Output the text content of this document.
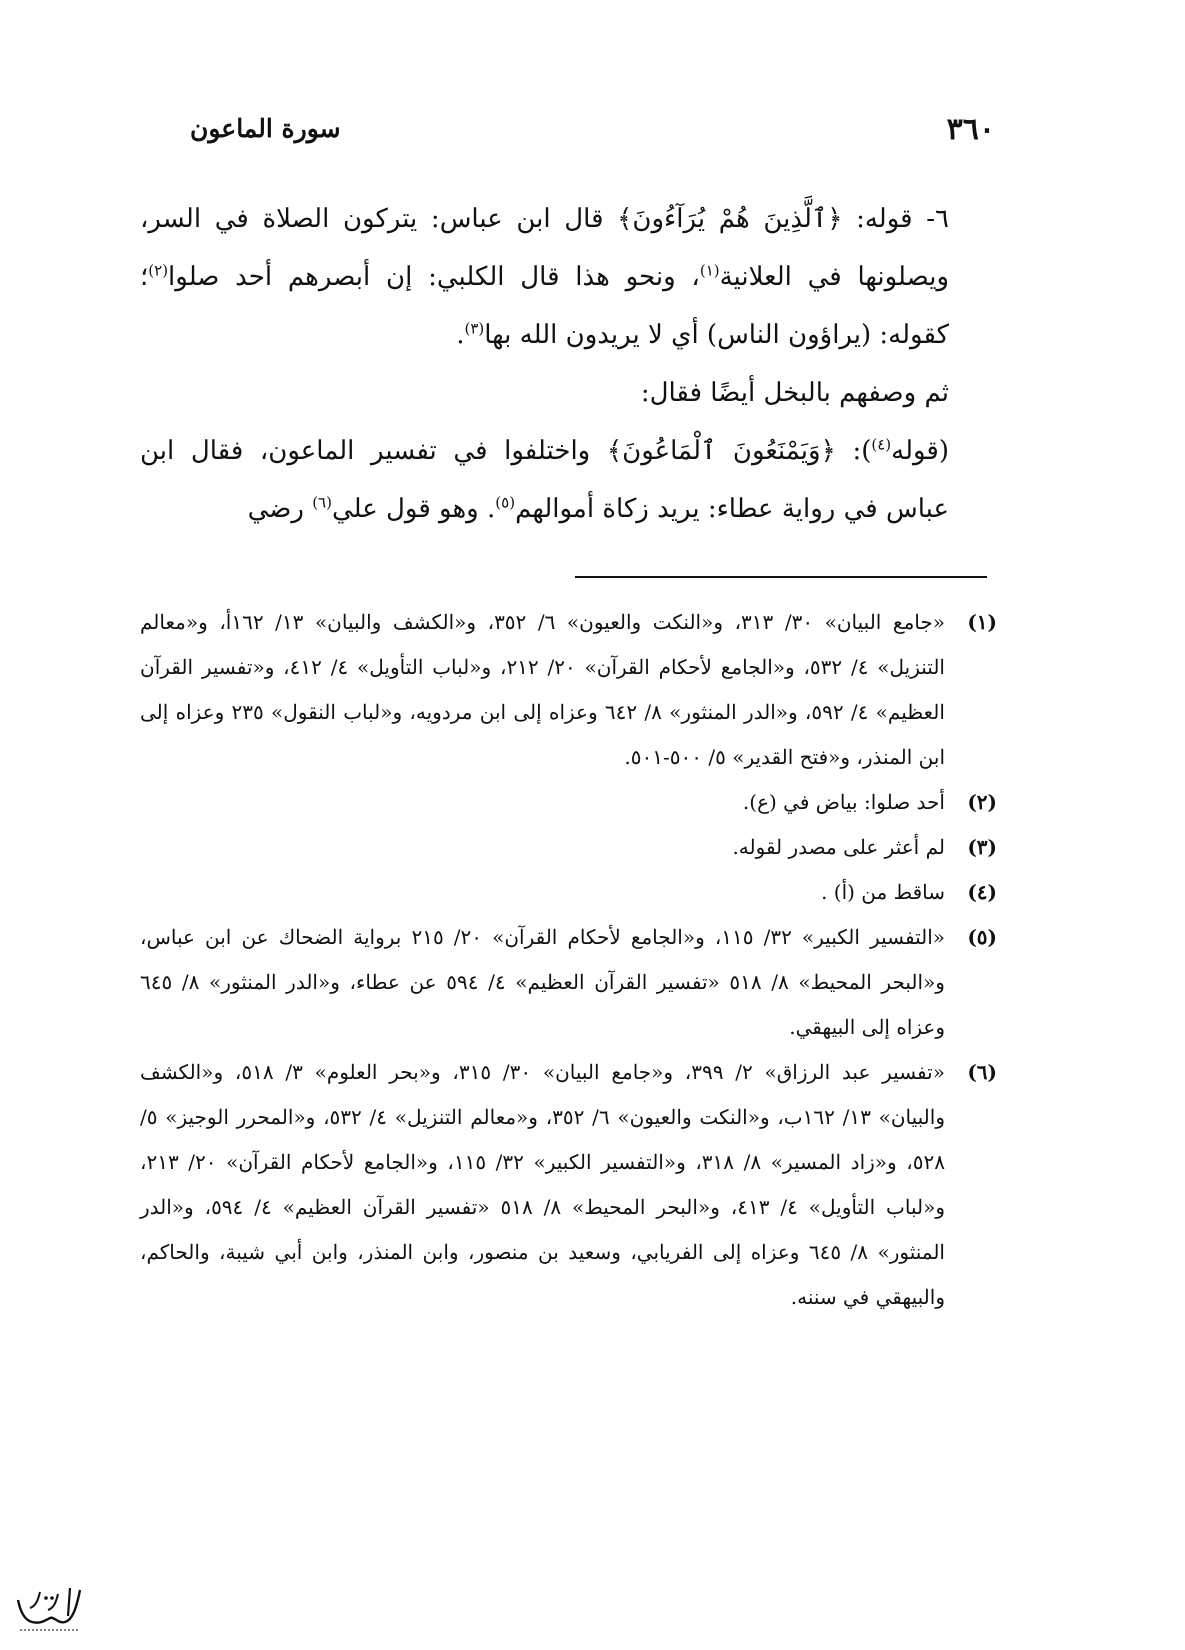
٣٦٠
سورة الماعون

٦- قوله: ﴿ٱلَّذِينَ هُمْ يُرَآءُونَ﴾ قال ابن عباس: يتركون الصلاة في السر، ويصلونها في العلانية$^{(١)}$، ونحو هذا قال الكلبي: إن أبصرهم أحد صلوا$^{(٢)}$؛ كقوله: (يراؤون الناس) أي لا يريدون الله بها$^{(٣)}$.

ثم وصفهم بالبخل أيضًا فقال:

(قوله$^{(٤)}$): ﴿وَيَمْنَعُونَ ٱلْمَاعُونَ﴾ واختلفوا في تفسير الماعون، فقال ابن عباس في رواية عطاء: يريد زكاة أموالهم$^{(٥)}$. وهو قول علي$^{(٦)}$ رضي

(١)
«جامع البيان» ٣٠/ ٣١٣، و«النكت والعيون» ٦/ ٣٥٢، و«الكشف والبيان» ١٣/ ١٦٢أ، و«معالم التنزيل» ٤/ ٥٣٢، و«الجامع لأحكام القرآن» ٢٠/ ٢١٢، و«لباب التأويل» ٤/ ٤١٢، و«تفسير القرآن العظيم» ٤/ ٥٩٢، و«الدر المنثور» ٨/ ٦٤٢ وعزاه إلى ابن مردويه، و«لباب النقول» ٢٣٥ وعزاه إلى ابن المنذر، و«فتح القدير» ٥/ ٥٠٠-٥٠١.
(٢)
أحد صلوا: بياض في (ع).
(٣)
لم أعثر على مصدر لقوله.
(٤)
ساقط من (أ) .
(٥)
«التفسير الكبير» ٣٢/ ١١٥، و«الجامع لأحكام القرآن» ٢٠/ ٢١٥ برواية الضحاك عن ابن عباس، و«البحر المحيط» ٨/ ٥١٨ «تفسير القرآن العظيم» ٤/ ٥٩٤ عن عطاء، و«الدر المنثور» ٨/ ٦٤٥ وعزاه إلى البيهقي.
(٦)
«تفسير عبد الرزاق» ٢/ ٣٩٩، و«جامع البيان» ٣٠/ ٣١٥، و«بحر العلوم» ٣/ ٥١٨، و«الكشف والبيان» ١٣/ ١٦٢ب، و«النكت والعيون» ٦/ ٣٥٢، و«معالم التنزيل» ٤/ ٥٣٢، و«المحرر الوجيز» ٥/ ٥٢٨، و«زاد المسير» ٨/ ٣١٨، و«التفسير الكبير» ٣٢/ ١١٥، و«الجامع لأحكام القرآن» ٢٠/ ٢١٣، و«لباب التأويل» ٤/ ٤١٣، و«البحر المحيط» ٨/ ٥١٨ «تفسير القرآن العظيم» ٤/ ٥٩٤، و«الدر المنثور» ٨/ ٦٤٥ وعزاه إلى الفريابي، وسعيد بن منصور، وابن المنذر، وابن أبي شيبة، والحاكم، والبيهقي في سننه.
